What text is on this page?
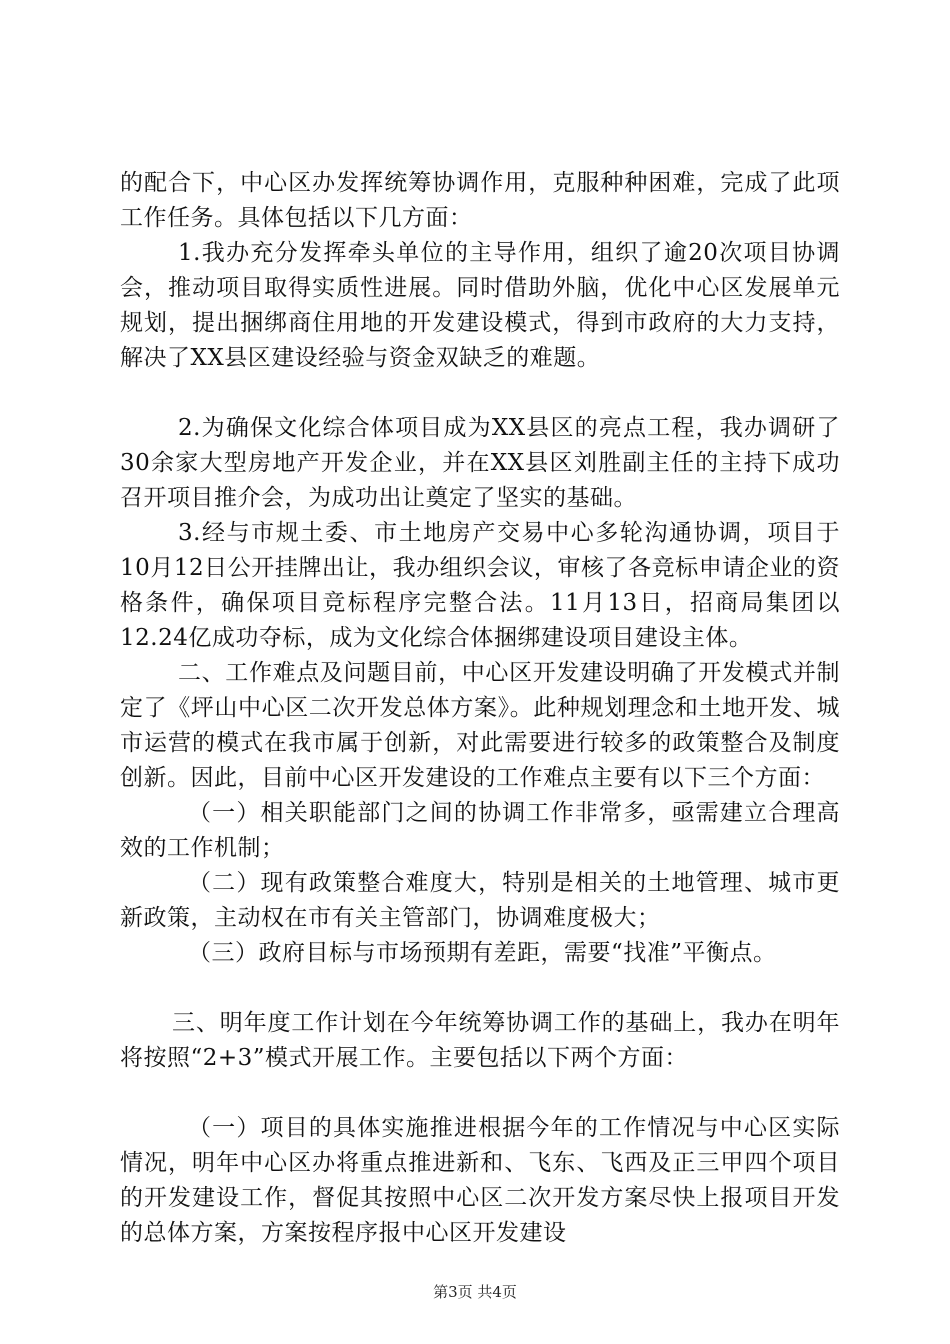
的配合下，中心区办发挥统筹协调作用，克服种种困难，完成了此项工作任务。具体包括以下几方面：

1.我办充分发挥牵头单位的主导作用，组织了逾20次项目协调会，推动项目取得实质性进展。同时借助外脑，优化中心区发展单元规划，提出捆绑商住用地的开发建设模式，得到市政府的大力支持，解决了XX县区建设经验与资金双缺乏的难题。

2.为确保文化综合体项目成为XX县区的亮点工程，我办调研了30余家大型房地产开发企业，并在XX县区刘胜副主任的主持下成功召开项目推介会，为成功出让奠定了坚实的基础。

3.经与市规土委、市土地房产交易中心多轮沟通协调，项目于10月12日公开挂牌出让，我办组织会议，审核了各竞标申请企业的资格条件，确保项目竞标程序完整合法。11月13日，招商局集团以12.24亿成功夺标，成为文化综合体捆绑建设项目建设主体。

二、工作难点及问题目前，中心区开发建设明确了开发模式并制定了《坪山中心区二次开发总体方案》。此种规划理念和土地开发、城市运营的模式在我市属于创新，对此需要进行较多的政策整合及制度创新。因此，目前中心区开发建设的工作难点主要有以下三个方面：

（一）相关职能部门之间的协调工作非常多，亟需建立合理高效的工作机制；

（二）现有政策整合难度大，特别是相关的土地管理、城市更新政策，主动权在市有关主管部门，协调难度极大；

（三）政府目标与市场预期有差距，需要“找准”平衡点。

三、明年度工作计划在今年统筹协调工作的基础上，我办在明年将按照“2+3”模式开展工作。主要包括以下两个方面：

（一）项目的具体实施推进根据今年的工作情况与中心区实际情况，明年中心区办将重点推进新和、飞东、飞西及正三甲四个项目的开发建设工作，督促其按照中心区二次开发方案尽快上报项目开发的总体方案，方案按程序报中心区开发建设

第3页 共4页
